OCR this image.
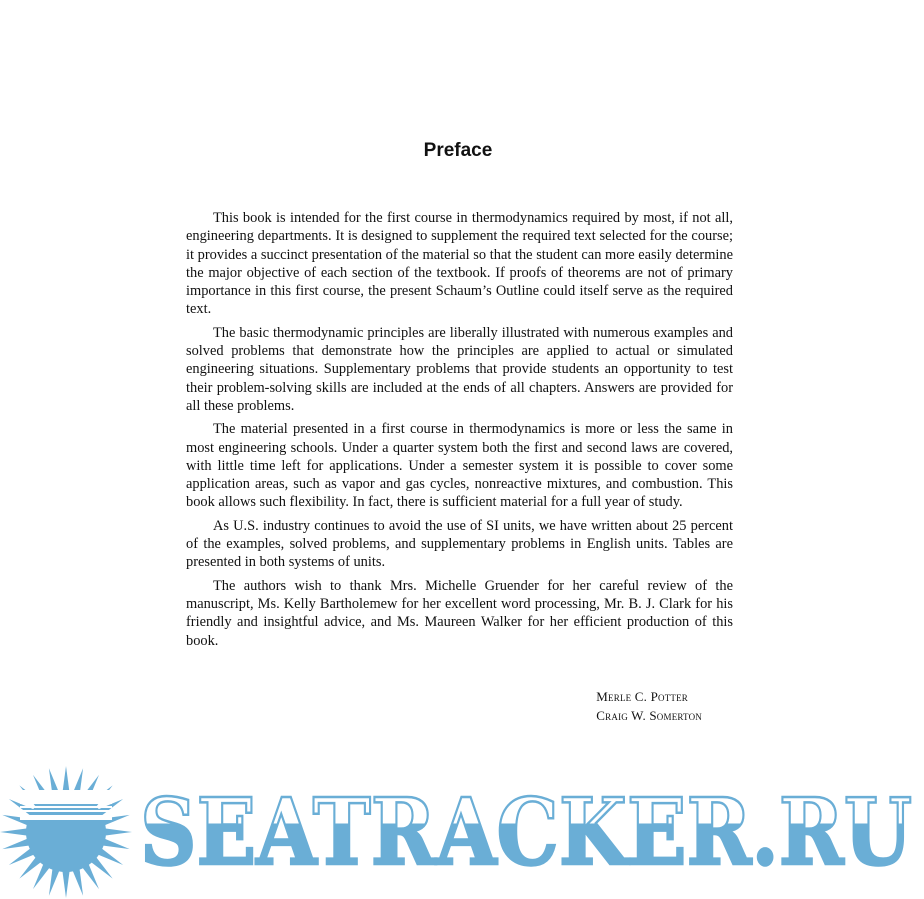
Preface

This book is intended for the first course in thermodynamics required by most, if not all, engineering departments. It is designed to supplement the required text selected for the course; it provides a succinct presentation of the material so that the student can more easily determine the major objective of each section of the textbook. If proofs of theorems are not of primary importance in this first course, the present Schaum’s Outline could itself serve as the required text.

The basic thermodynamic principles are liberally illustrated with numerous examples and solved problems that demonstrate how the principles are applied to actual or simulated engineering situations. Supplementary problems that provide students an opportunity to test their problem-solving skills are included at the ends of all chapters. Answers are provided for all these problems.

The material presented in a first course in thermodynamics is more or less the same in most engineering schools. Under a quarter system both the first and second laws are covered, with little time left for applications. Under a semester system it is possible to cover some application areas, such as vapor and gas cycles, nonreactive mixtures, and combustion. This book allows such flexibility. In fact, there is sufficient material for a full year of study.

As U.S. industry continues to avoid the use of SI units, we have written about 25 percent of the examples, solved problems, and supplementary problems in English units. Tables are presented in both systems of units.

The authors wish to thank Mrs. Michelle Gruender for her careful review of the manuscript, Ms. Kelly Bartholemew for her excellent word processing, Mr. B. J. Clark for his friendly and insightful advice, and Ms. Maureen Walker for her efficient production of this book.

Merle C. Potter
Craig W. Somerton
SEATRACKER.RU
